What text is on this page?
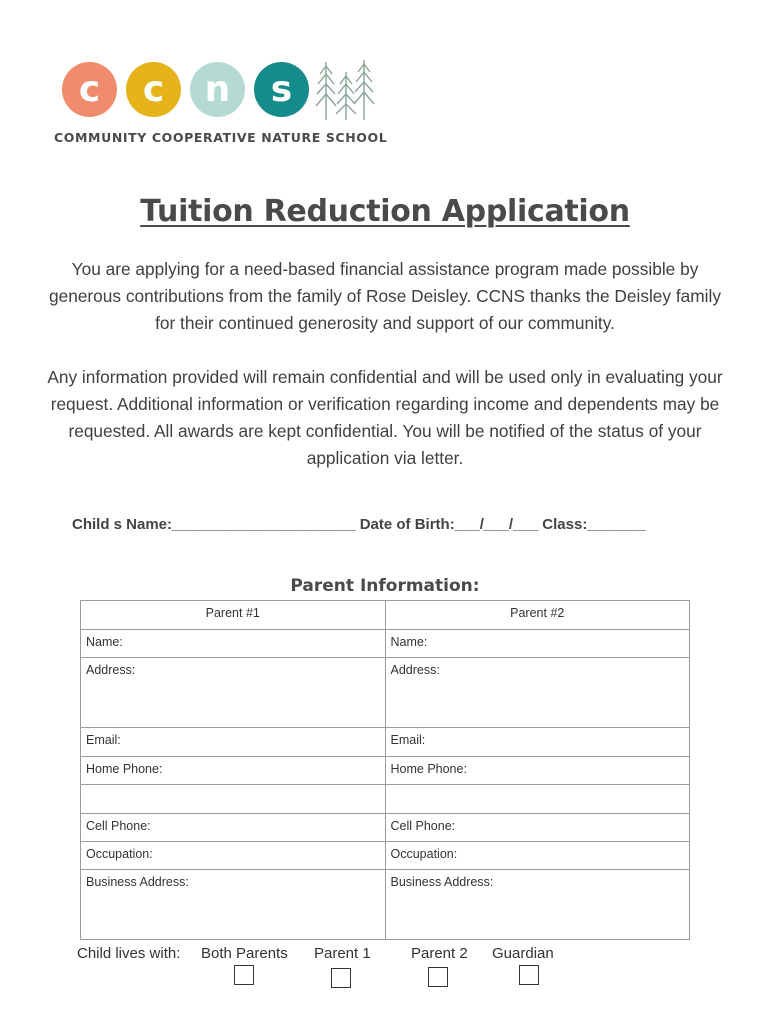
c	c	n	s
COMMUNITY COOPERATIVE NATURE SCHOOL
Tuition Reduction Application
You are applying for a need-based financial assistance program made possible by generous contributions from the family of Rose Deisley. CCNS thanks the Deisley family for their continued generosity and support of our community.
Any information provided will remain confidential and will be used only in evaluating your request. Additional information or verification regarding income and dependents may be requested. All awards are kept confidential. You will be notified of the status of your application via letter.
Child s Name:______________________ Date of Birth:___/___/___ Class:_______
Parent Information:
Parent #1	Parent #2
Name:	Name:
Address:	Address:
Email:	Email:
Home Phone:	Home Phone:

Cell Phone:	Cell Phone:
Occupation:	Occupation:
Business Address:	Business Address:
Child lives with: Both Parents Parent 1	Parent 2 Guardian
